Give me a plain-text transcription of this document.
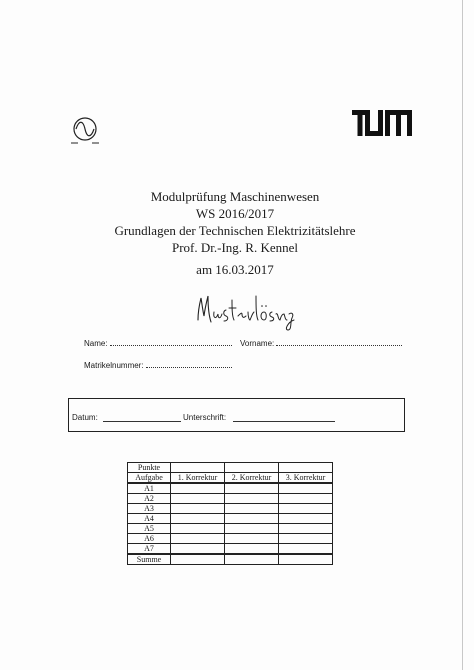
Modulprüfung Maschinenwesen
WS 2016/2017
Grundlagen der Technischen Elektrizitätslehre
Prof. Dr.-Ing. R. Kennel
am 16.03.2017
Name:	Vorname:
Matrikelnummer:
Datum:	Unterschrift:
Punkte			
Aufgabe	1. Korrektur	2. Korrektur	3. Korrektur
A1			
A2			
A3			
A4			
A5			
A6			
A7			
Summe			
